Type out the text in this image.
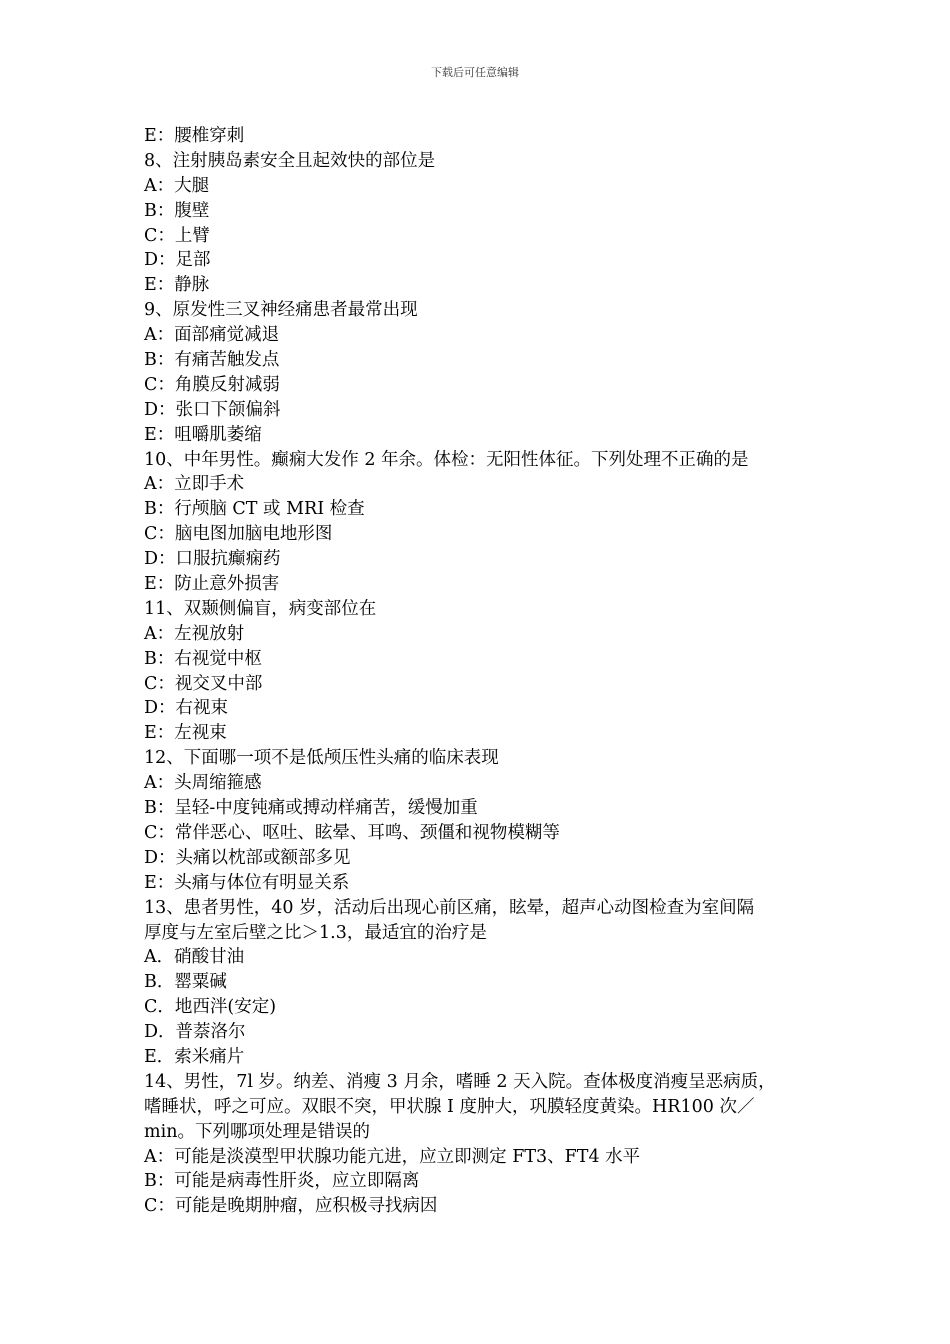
下载后可任意编辑
E：腰椎穿刺
8、注射胰岛素安全且起效快的部位是
A：大腿
B：腹壁
C：上臂
D：足部
E：静脉
9、原发性三叉神经痛患者最常出现
A：面部痛觉减退
B：有痛苦触发点
C：角膜反射减弱
D：张口下颌偏斜
E：咀嚼肌萎缩
10、中年男性。癫痫大发作 2 年余。体检：无阳性体征。下列处理不正确的是
A：立即手术
B：行颅脑 CT 或 MRI 检查
C：脑电图加脑电地形图
D：口服抗癫痫药
E：防止意外损害
11、双颞侧偏盲，病变部位在
A：左视放射
B：右视觉中枢
C：视交叉中部
D：右视束
E：左视束
12、下面哪一项不是低颅压性头痛的临床表现
A：头周缩箍感
B：呈轻-中度钝痛或搏动样痛苦，缓慢加重
C：常伴恶心、呕吐、眩晕、耳鸣、颈僵和视物模糊等
D：头痛以枕部或额部多见
E：头痛与体位有明显关系
13、患者男性，40 岁，活动后出现心前区痛，眩晕，超声心动图检查为室间隔
厚度与左室后壁之比＞1.3，最适宜的治疗是
A．硝酸甘油
B．罂粟碱
C．地西泮(安定)
D．普萘洛尔
E．索米痛片
14、男性，7l 岁。纳差、消瘦 3 月余，嗜睡 2 天入院。查体极度消瘦呈恶病质，
嗜睡状，呼之可应。双眼不突，甲状腺 I 度肿大，巩膜轻度黄染。HR100 次／
min。下列哪项处理是错误的
A：可能是淡漠型甲状腺功能亢进，应立即测定 FT3、FT4 水平
B：可能是病毒性肝炎，应立即隔离
C：可能是晚期肿瘤，应积极寻找病因
